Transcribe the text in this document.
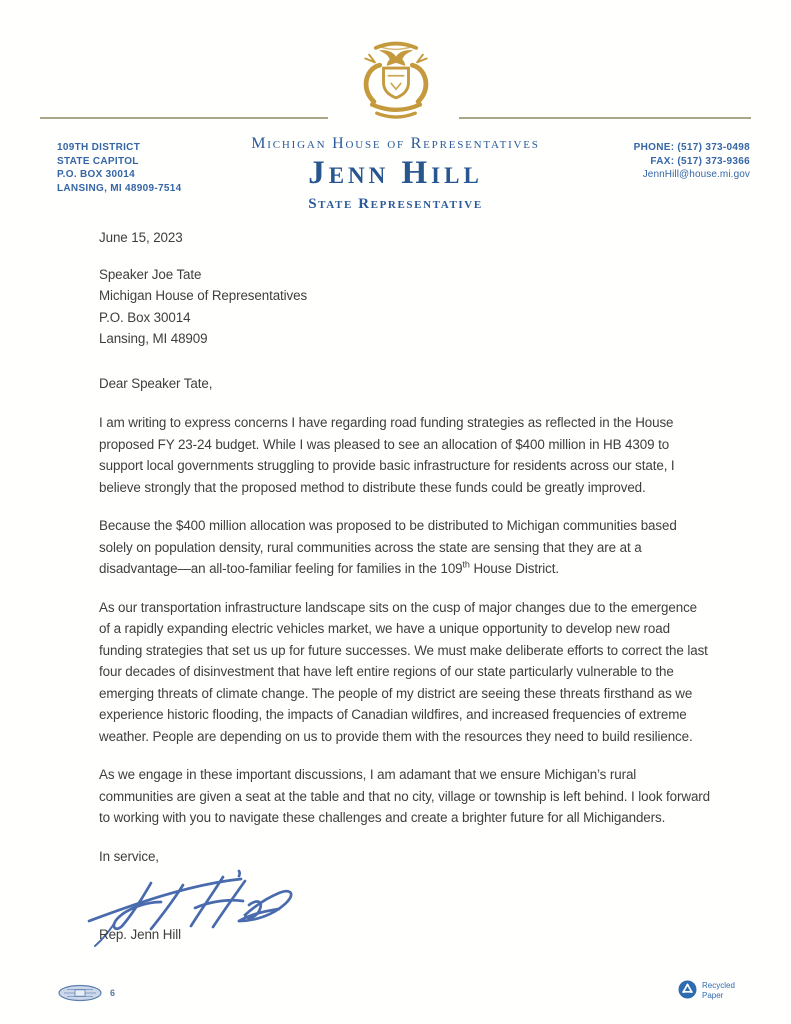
109TH DISTRICT
STATE CAPITOL
P.O. BOX 30014
LANSING, MI 48909-7514
Michigan House of Representatives
Jenn Hill
State Representative
PHONE: (517) 373-0498
FAX: (517) 373-9366
JennHill@house.mi.gov
June 15, 2023
Speaker Joe Tate
Michigan House of Representatives
P.O. Box 30014
Lansing, MI 48909
Dear Speaker Tate,

I am writing to express concerns I have regarding road funding strategies as reflected in the House proposed FY 23-24 budget. While I was pleased to see an allocation of $400 million in HB 4309 to support local governments struggling to provide basic infrastructure for residents across our state, I believe strongly that the proposed method to distribute these funds could be greatly improved.

Because the $400 million allocation was proposed to be distributed to Michigan communities based solely on population density, rural communities across the state are sensing that they are at a disadvantage—an all-too-familiar feeling for families in the 109th House District.

As our transportation infrastructure landscape sits on the cusp of major changes due to the emergence of a rapidly expanding electric vehicles market, we have a unique opportunity to develop new road funding strategies that set us up for future successes. We must make deliberate efforts to correct the last four decades of disinvestment that have left entire regions of our state particularly vulnerable to the emerging threats of climate change. The people of my district are seeing these threats firsthand as we experience historic flooding, the impacts of Canadian wildfires, and increased frequencies of extreme weather. People are depending on us to provide them with the resources they need to build resilience.

As we engage in these important discussions, I am adamant that we ensure Michigan’s rural communities are given a seat at the table and that no city, village or township is left behind. I look forward to working with you to navigate these challenges and create a brighter future for all Michiganders.

In service,
Rep. Jenn Hill
6
Recycled
Paper
